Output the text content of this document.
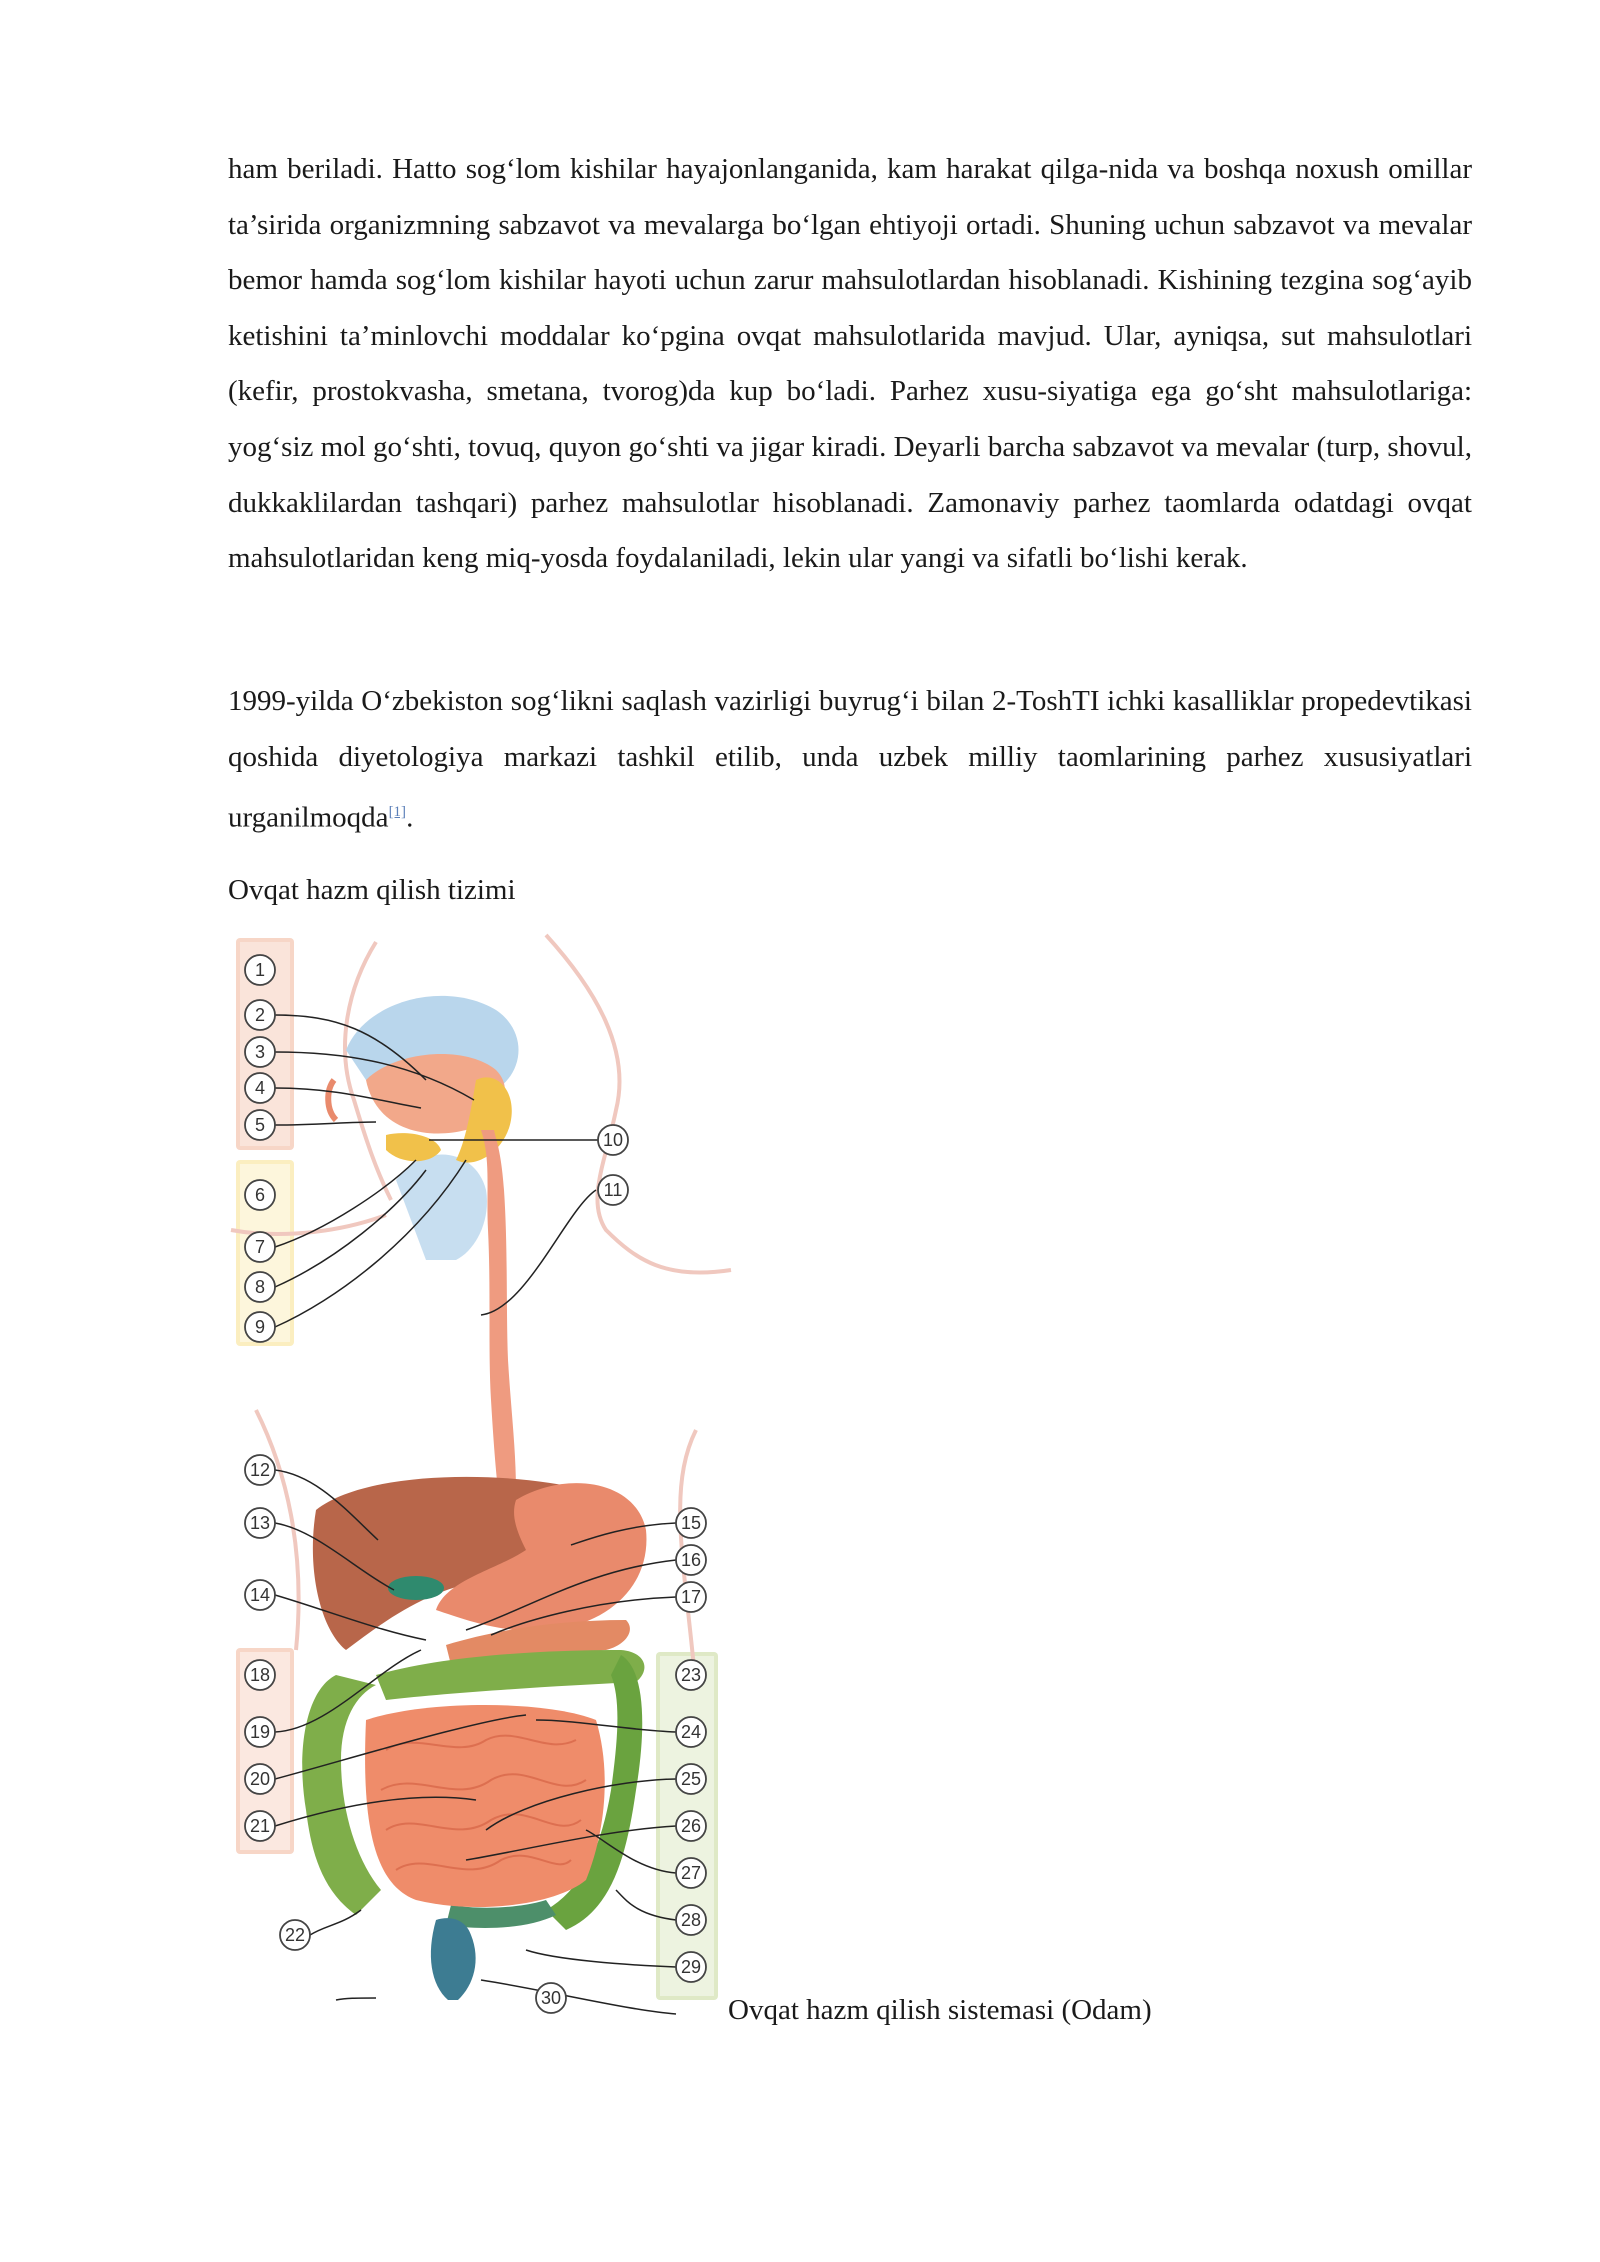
ham beriladi. Hatto sog‘lom kishilar hayajonlanganida, kam harakat qilga-nida va boshqa noxush omillar ta’sirida organizmning sabzavot va mevalarga bo‘lgan ehtiyoji ortadi. Shuning uchun sabzavot va mevalar bemor hamda sog‘lom kishilar hayoti uchun zarur mahsulotlardan hisoblanadi. Kishining tezgina sog‘ayib ketishini ta’minlovchi moddalar ko‘pgina ovqat mahsulotlarida mavjud. Ular, ayniqsa, sut mahsulotlari (kefir, prostokvasha, smetana, tvorog)da kup bo‘ladi. Parhez xusu-siyatiga ega go‘sht mahsulotlariga: yog‘siz mol go‘shti, tovuq, quyon go‘shti va jigar kiradi. Deyarli barcha sabzavot va mevalar (turp, shovul, dukkaklilardan tashqari) parhez mahsulotlar hisoblanadi. Zamonaviy parhez taomlarda odatdagi ovqat mahsulotlaridan keng miq-yosda foydalaniladi, lekin ular yangi va sifatli bo‘lishi kerak.

1999-yilda O‘zbekiston sog‘likni saqlash vazirligi buyrug‘i bilan 2-ToshTI ichki kasalliklar propedevtikasi qoshida diyetologiya markazi tashkil etilib, unda uzbek milliy taomlarining parhez xususiyatlari urganilmoqda[1].

Ovqat hazm qilish tizimi

1
2
3
4
5
6
7
8
9
10
11
12
13
14
15
16
17
18
19
20
21
22
23
24
25
26
27
28
29
30	Ovqat hazm qilish sistemasi (Odam)
